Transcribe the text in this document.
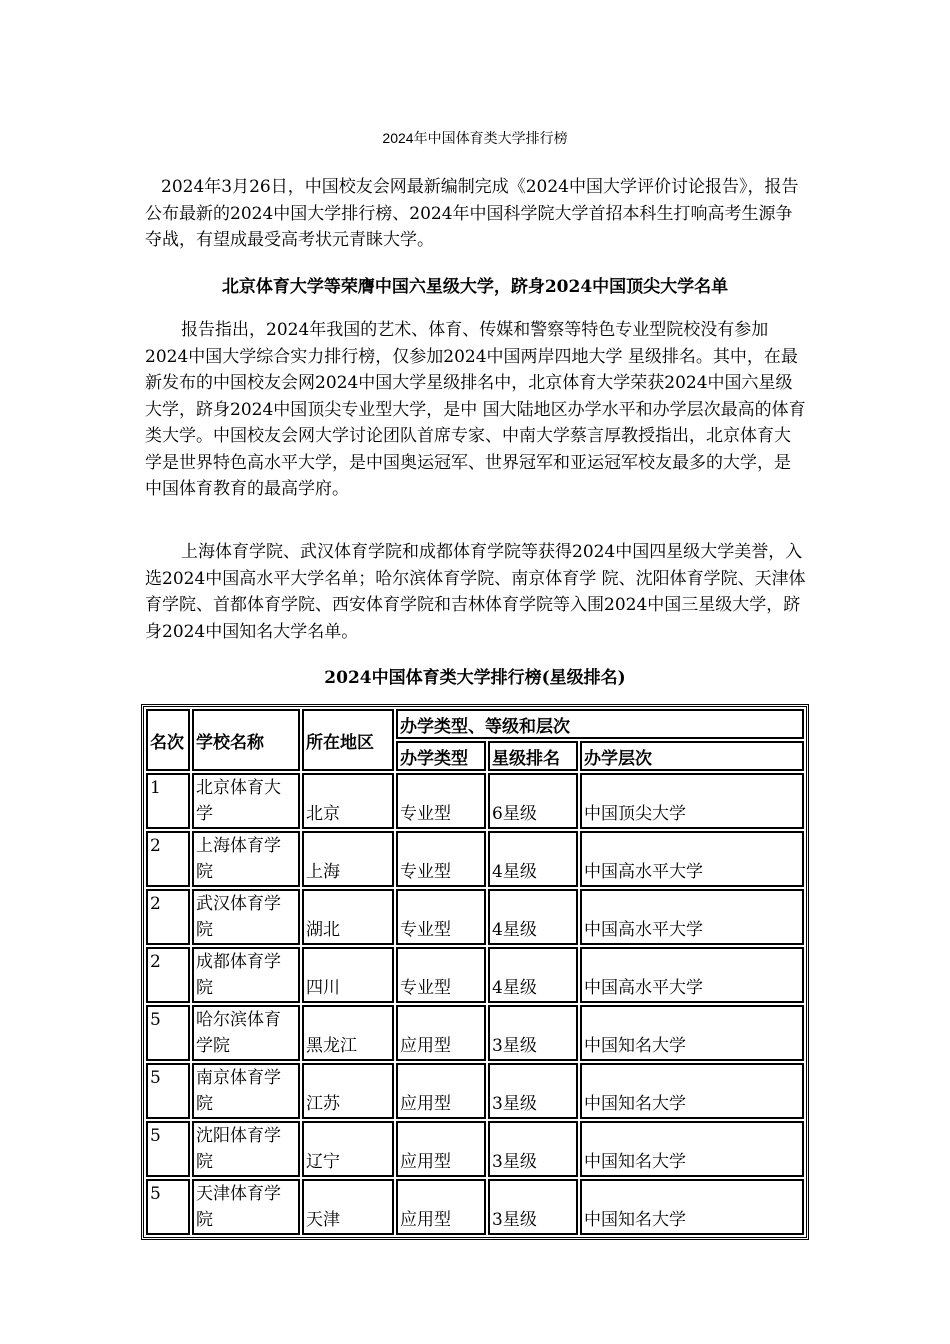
2024年中国体育类大学排行榜

2024年3月26日，中国校友会网最新编制完成《2024中国大学评价讨论报告》，报告公布最新的2024中国大学排行榜、2024年中国科学院大学首招本科生打响高考生源争夺战，有望成最受高考状元青睐大学。

北京体育大学等荣膺中国六星级大学，跻身2024中国顶尖大学名单

报告指出，2024年我国的艺术、体育、传媒和警察等特色专业型院校没有参加2024中国大学综合实力排行榜，仅参加2024中国两岸四地大学 星级排名。其中，在最新发布的中国校友会网2024中国大学星级排名中，北京体育大学荣获2024中国六星级大学，跻身2024中国顶尖专业型大学，是中 国大陆地区办学水平和办学层次最高的体育类大学。中国校友会网大学讨论团队首席专家、中南大学蔡言厚教授指出，北京体育大学是世界特色高水平大学，是中国奥运冠军、世界冠军和亚运冠军校友最多的大学，是中国体育教育的最高学府。

上海体育学院、武汉体育学院和成都体育学院等获得2024中国四星级大学美誉，入选2024中国高水平大学名单；哈尔滨体育学院、南京体育学 院、沈阳体育学院、天津体育学院、首都体育学院、西安体育学院和吉林体育学院等入围2024中国三星级大学，跻身2024中国知名大学名单。

2024中国体育类大学排行榜(星级排名)
名次	学校名称	所在地区	办学类型、等级和层次		
			办学类型	星级排名	办学层次
1	北京体育大学	北京	专业型	6星级	中国顶尖大学
2	上海体育学院	上海	专业型	4星级	中国高水平大学
2	武汉体育学院	湖北	专业型	4星级	中国高水平大学
2	成都体育学院	四川	专业型	4星级	中国高水平大学
5	哈尔滨体育学院	黑龙江	应用型	3星级	中国知名大学
5	南京体育学院	江苏	应用型	3星级	中国知名大学
5	沈阳体育学院	辽宁	应用型	3星级	中国知名大学
5	天津体育学院	天津	应用型	3星级	中国知名大学
